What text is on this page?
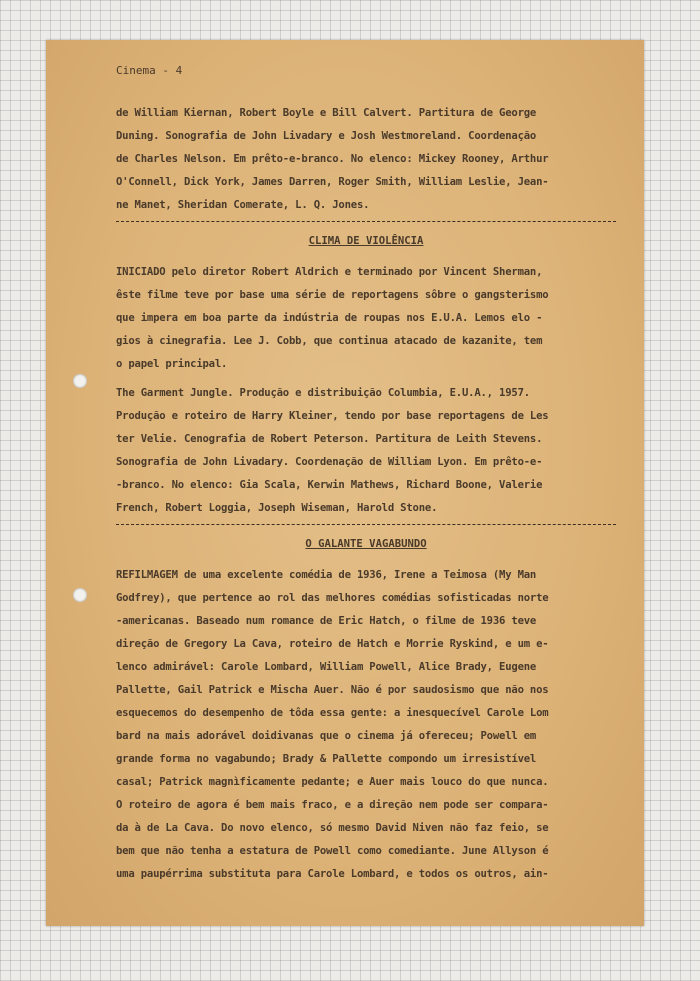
Cinema - 4
de William Kiernan, Robert Boyle e Bill Calvert. Partitura de George
Duning. Sonografia de John Livadary e Josh Westmoreland. Coordenação
de Charles Nelson. Em prêto-e-branco. No elenco: Mickey Rooney, Arthur
O'Connell, Dick York, James Darren, Roger Smith, William Leslie, Jean-
ne Manet, Sheridan Comerate, L. Q. Jones.
CLIMA DE VIOLÊNCIA
INICIADO pelo diretor Robert Aldrich e terminado por Vincent Sherman,
êste filme teve por base uma série de reportagens sôbre o gangsterismo
que impera em boa parte da indústria de roupas nos E.U.A. Lemos elo -
gios à cinegrafia. Lee J. Cobb, que continua atacado de kazanite, tem
o papel principal.
The Garment Jungle. Produção e distribuição Columbia, E.U.A., 1957.
Produção e roteiro de Harry Kleiner, tendo por base reportagens de Les
ter Velie. Cenografia de Robert Peterson. Partitura de Leith Stevens.
Sonografia de John Livadary. Coordenação de William Lyon. Em prêto-e-
-branco. No elenco: Gia Scala, Kerwin Mathews, Richard Boone, Valerie
French, Robert Loggia, Joseph Wiseman, Harold Stone.
O GALANTE VAGABUNDO
REFILMAGEM de uma excelente comédia de 1936, Irene a Teimosa (My Man
Godfrey), que pertence ao rol das melhores comédias sofisticadas norte
-americanas. Baseado num romance de Eric Hatch, o filme de 1936 teve
direção de Gregory La Cava, roteiro de Hatch e Morrie Ryskind, e um e-
lenco admirável: Carole Lombard, William Powell, Alice Brady, Eugene
Pallette, Gail Patrick e Mischa Auer. Não é por saudosismo que não nos
esquecemos do desempenho de tôda essa gente: a inesquecível Carole Lom
bard na mais adorável doidivanas que o cinema já ofereceu; Powell em
grande forma no vagabundo; Brady & Pallette compondo um irresistível
casal; Patrick magnìficamente pedante; e Auer mais louco do que nunca.
O roteiro de agora é bem mais fraco, e a direção nem pode ser compara-
da à de La Cava. Do novo elenco, só mesmo David Niven não faz feio, se
bem que não tenha a estatura de Powell como comediante. June Allyson é
uma paupérrima substituta para Carole Lombard, e todos os outros, ain-
